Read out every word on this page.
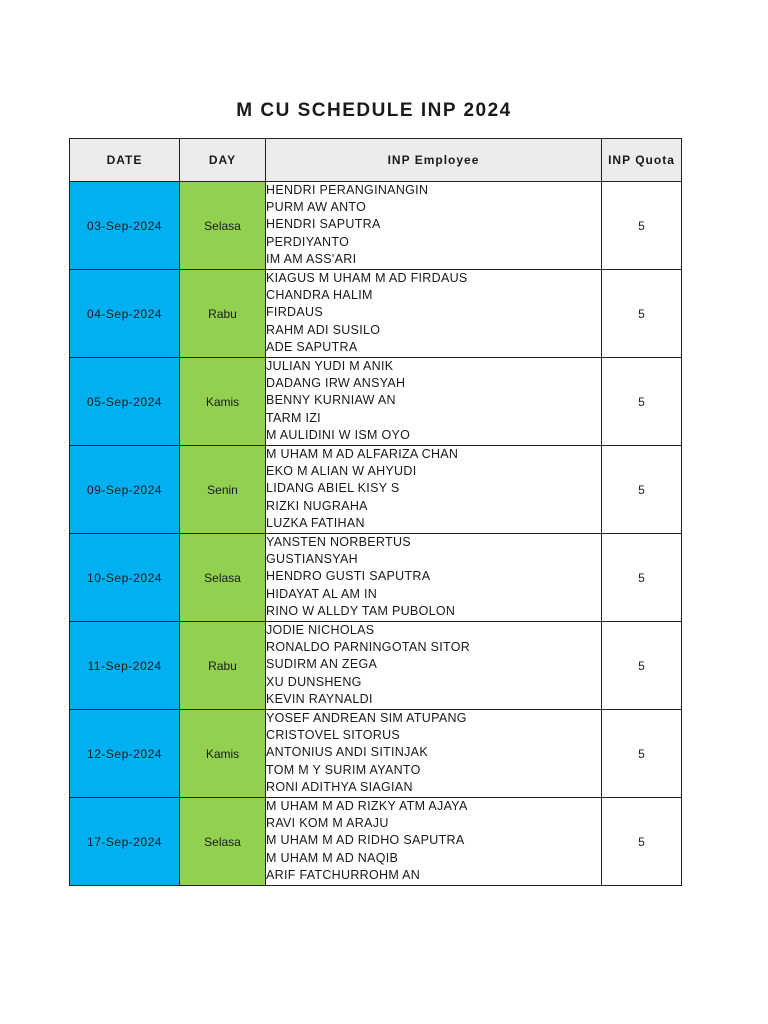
M CU SCHEDULE INP 2024
DATE	DAY	INP Employee	INP Quota
03-Sep-2024	Selasa	HENDRI PERANGINANGIN
PURM AW ANTO
HENDRI SAPUTRA
PERDIYANTO
IM AM ASS'ARI	5
04-Sep-2024	Rabu	KIAGUS M UHAM M AD FIRDAUS
CHANDRA HALIM
FIRDAUS
RAHM ADI SUSILO
ADE SAPUTRA	5
05-Sep-2024	Kamis	JULIAN YUDI M ANIK
DADANG IRW ANSYAH
BENNY KURNIAW AN
TARM IZI
M AULIDINI W ISM OYO	5
09-Sep-2024	Senin	M UHAM M AD ALFARIZA CHAN
EKO M ALIAN W AHYUDI
LIDANG ABIEL KISY S
RIZKI NUGRAHA
LUZKA FATIHAN	5
10-Sep-2024	Selasa	YANSTEN NORBERTUS
GUSTIANSYAH
HENDRO GUSTI SAPUTRA
HIDAYAT AL AM IN
RINO W ALLDY TAM PUBOLON	5
11-Sep-2024	Rabu	JODIE NICHOLAS
RONALDO PARNINGOTAN SITOR
SUDIRM AN ZEGA
XU DUNSHENG
KEVIN RAYNALDI	5
12-Sep-2024	Kamis	YOSEF ANDREAN SIM ATUPANG
CRISTOVEL SITORUS
ANTONIUS ANDI SITINJAK
TOM M Y SURIM AYANTO
RONI ADITHYA SIAGIAN	5
17-Sep-2024	Selasa	M UHAM M AD RIZKY ATM AJAYA
RAVI KOM M ARAJU
M UHAM M AD RIDHO SAPUTRA
M UHAM M AD NAQIB
ARIF FATCHURROHM AN	5
